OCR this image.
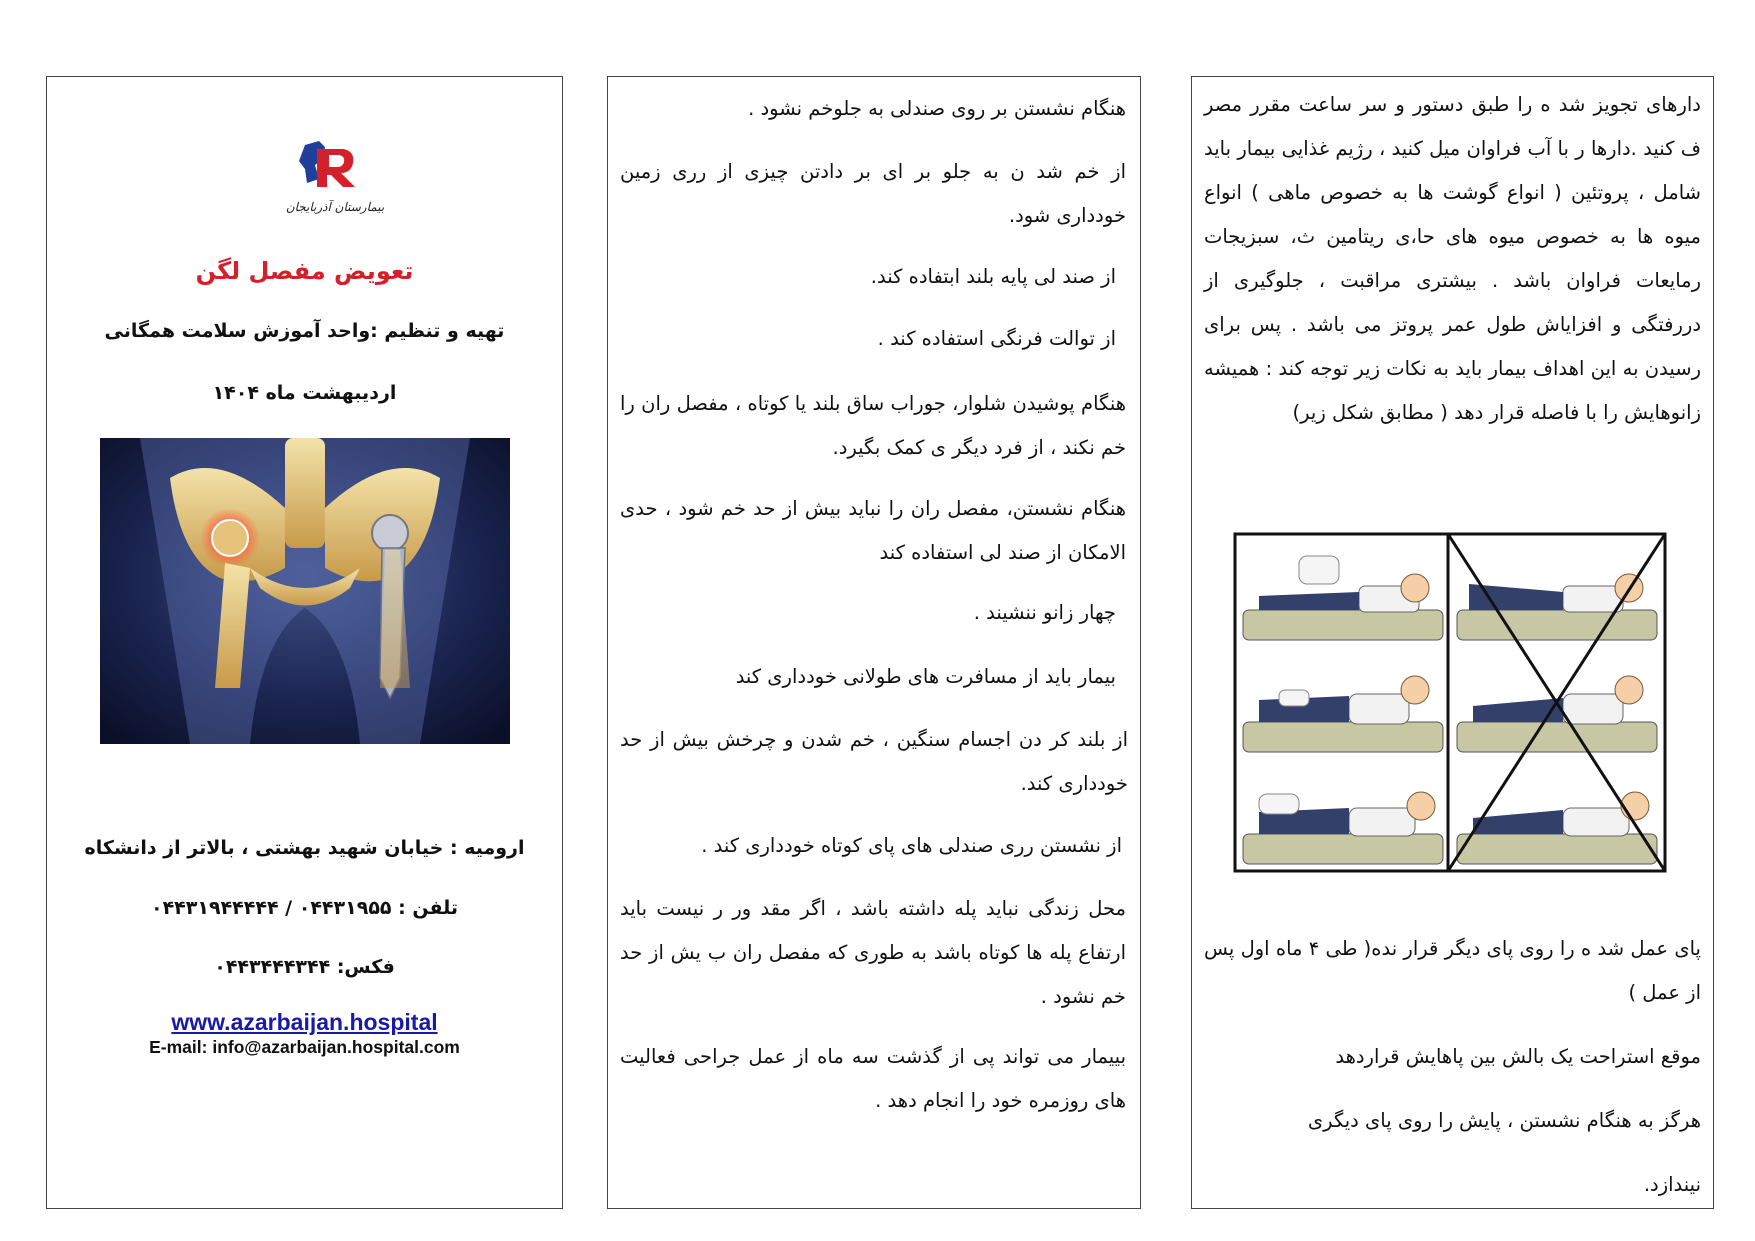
بیمارستان آذربایجان
تعویض مفصل لگن
تهیه و تنظیم :واحد آموزش سلامت همگانی
اردیبهشت ماه ۱۴۰۴
ارومیه : خیابان شهید بهشتی ، بالاتر از دانشکاه
تلفن : ۰۴۴۳۱۹۵۵ / ۰۴۴۳۱۹۴۴۴۴۴
فکس: ۰۴۴۳۴۴۴۳۴۴
www.azarbaijan.hospital
E-mail: info@azarbaijan.hospital.com
هنگام نشستن بر روی صندلی به جلوخم نشود .
از خم شد ن به جلو بر ای بر دادتن چیزی از رری زمین خودداری شود.
از صند لی پایه بلند ابتفاده کند.
از توالت فرنگی استفاده کند .
هنگام پوشیدن شلوار، جوراب ساق بلند یا کوتاه ، مفصل ران را خم نکند ، از فرد دیگر ی کمک بگیرد.
هنگام نشستن، مفصل ران را نباید بیش از حد خم شود ، حدی الامکان از صند لی استفاده کند
چهار زانو ننشیند .
بیمار باید از مسافرت های طولانی خودداری کند
از بلند کر دن اجسام سنگین ، خم شدن و چرخش بیش از حد خودداری کند.
از نشستن رری صندلی های پای کوتاه خودداری کند .
محل زندگی نباید پله داشته باشد ، اگر مقد ور ر نیست باید ارتفاع پله ها کوتاه باشد به طوری که مفصل ران ب یش از حد خم نشود .
بییمار می تواند پی از گذشت سه ماه از عمل جراحی فعالیت های روزمره خود را انجام دهد .
دارهای تجویز شد ه را طبق دستور و سر ساعت مقرر مصر ف کنید .دارها ر با آب فراوان میل کنید ، رژیم غذایی بیمار باید شامل ، پروتئین ( انواع گوشت ها به خصوص ماهی ) انواع میوه ها به خصوص میوه های حا،ی ریتامین ث، سبزیجات رمایعات فراوان باشد . بیشتری مراقبت ، جلوگیری از دررفتگی و افزایاش طول عمر پروتز می باشد . پس برای رسیدن به این اهداف بیمار باید به نکات زیر توجه کند : همیشه زانوهایش را با فاصله قرار دهد ( مطابق شکل زیر)
پای عمل شد ه را روی پای دیگر قرار نده( طی ۴ ماه اول پس از عمل )
موقع استراحت یک بالش بین پاهایش قراردهد
هرگز به هنگام نشستن ، پایش را روی پای دیگری
نیندازد.
